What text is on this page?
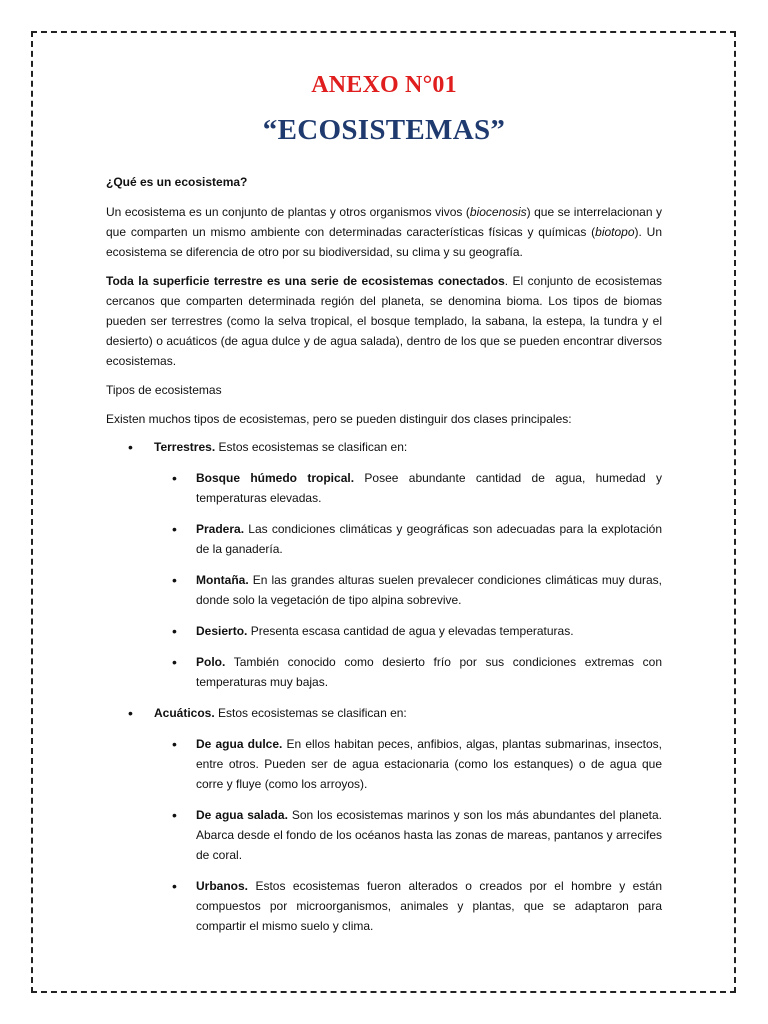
ANEXO N°01
“ECOSISTEMAS”

¿Qué es un ecosistema?

Un ecosistema es un conjunto de plantas y otros organismos vivos (biocenosis) que se interrelacionan y que comparten un mismo ambiente con determinadas características físicas y químicas (biotopo). Un ecosistema se diferencia de otro por su biodiversidad, su clima y su geografía.

Toda la superficie terrestre es una serie de ecosistemas conectados. El conjunto de ecosistemas cercanos que comparten determinada región del planeta, se denomina bioma. Los tipos de biomas pueden ser terrestres (como la selva tropical, el bosque templado, la sabana, la estepa, la tundra y el desierto) o acuáticos (de agua dulce y de agua salada), dentro de los que se pueden encontrar diversos ecosistemas.

Tipos de ecosistemas

Existen muchos tipos de ecosistemas, pero se pueden distinguir dos clases principales:

• Terrestres. Estos ecosistemas se clasifican en:
• Bosque húmedo tropical. Posee abundante cantidad de agua, humedad y temperaturas elevadas.
• Pradera. Las condiciones climáticas y geográficas son adecuadas para la explotación de la ganadería.
• Montaña. En las grandes alturas suelen prevalecer condiciones climáticas muy duras, donde solo la vegetación de tipo alpina sobrevive.
• Desierto. Presenta escasa cantidad de agua y elevadas temperaturas.
• Polo. También conocido como desierto frío por sus condiciones extremas con temperaturas muy bajas.
• Acuáticos. Estos ecosistemas se clasifican en:
• De agua dulce. En ellos habitan peces, anfibios, algas, plantas submarinas, insectos, entre otros. Pueden ser de agua estacionaria (como los estanques) o de agua que corre y fluye (como los arroyos).
• De agua salada. Son los ecosistemas marinos y son los más abundantes del planeta. Abarca desde el fondo de los océanos hasta las zonas de mareas, pantanos y arrecifes de coral.
• Urbanos. Estos ecosistemas fueron alterados o creados por el hombre y están compuestos por microorganismos, animales y plantas, que se adaptaron para compartir el mismo suelo y clima.
